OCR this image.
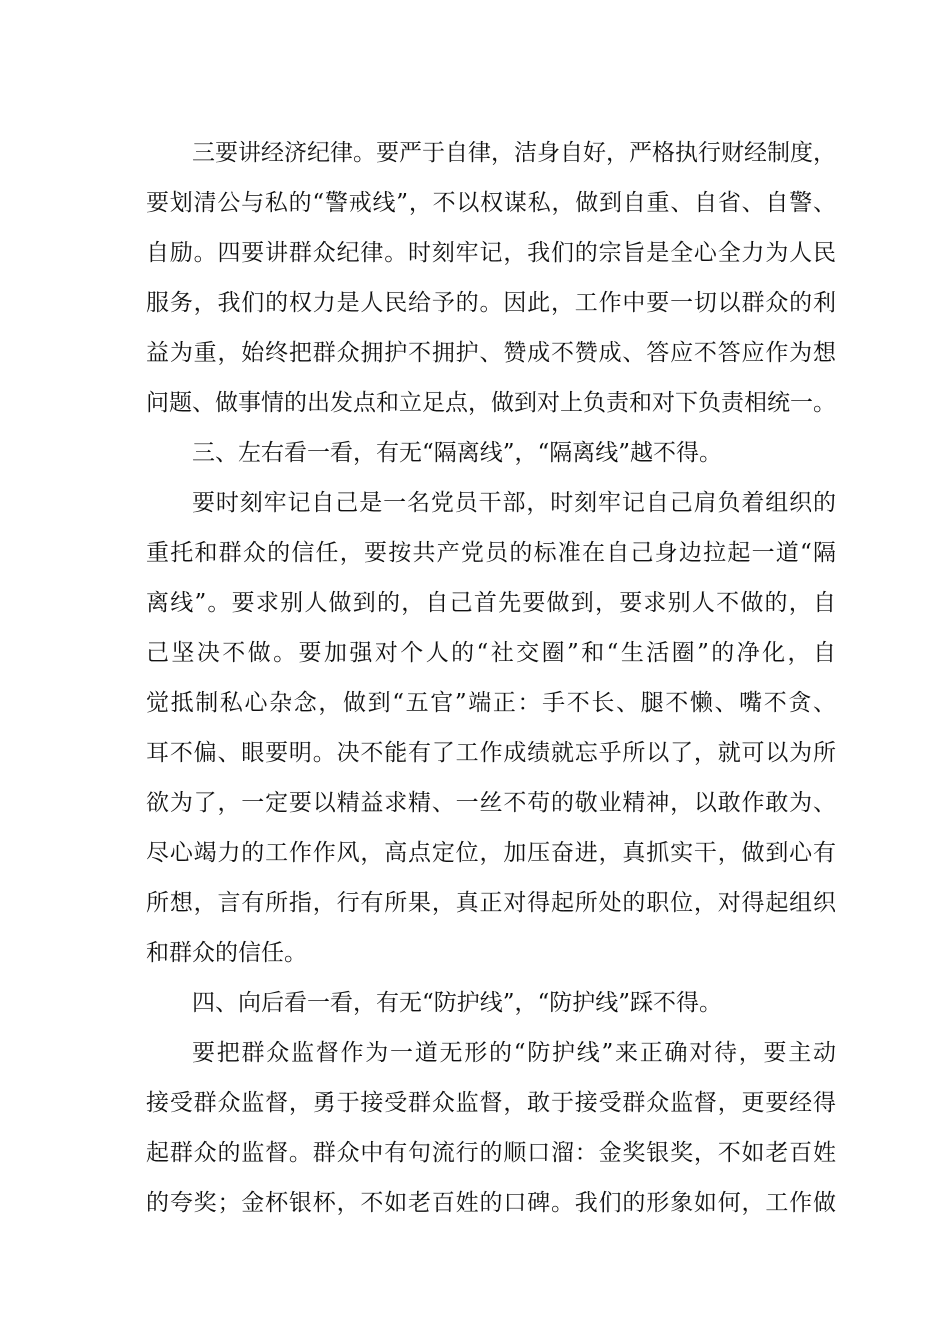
三要讲经济纪律。要严于自律，洁身自好，严格执行财经制度，

要划清公与私的“警戒线”，不以权谋私，做到自重、自省、自警、

自励。四要讲群众纪律。时刻牢记，我们的宗旨是全心全力为人民

服务，我们的权力是人民给予的。因此，工作中要一切以群众的利

益为重，始终把群众拥护不拥护、赞成不赞成、答应不答应作为想

问题、做事情的出发点和立足点，做到对上负责和对下负责相统一。

三、左右看一看，有无“隔离线”，“隔离线”越不得。

要时刻牢记自己是一名党员干部，时刻牢记自己肩负着组织的

重托和群众的信任，要按共产党员的标准在自己身边拉起一道“隔

离线”。要求别人做到的，自己首先要做到，要求别人不做的，自

己坚决不做。要加强对个人的“社交圈”和“生活圈”的净化，自

觉抵制私心杂念，做到“五官”端正：手不长、腿不懒、嘴不贪、

耳不偏、眼要明。决不能有了工作成绩就忘乎所以了，就可以为所

欲为了，一定要以精益求精、一丝不苟的敬业精神，以敢作敢为、

尽心竭力的工作作风，高点定位，加压奋进，真抓实干，做到心有

所想，言有所指，行有所果，真正对得起所处的职位，对得起组织

和群众的信任。

四、向后看一看，有无“防护线”，“防护线”踩不得。

要把群众监督作为一道无形的“防护线”来正确对待，要主动

接受群众监督，勇于接受群众监督，敢于接受群众监督，更要经得

起群众的监督。群众中有句流行的顺口溜：金奖银奖，不如老百姓

的夸奖；金杯银杯，不如老百姓的口碑。我们的形象如何，工作做
